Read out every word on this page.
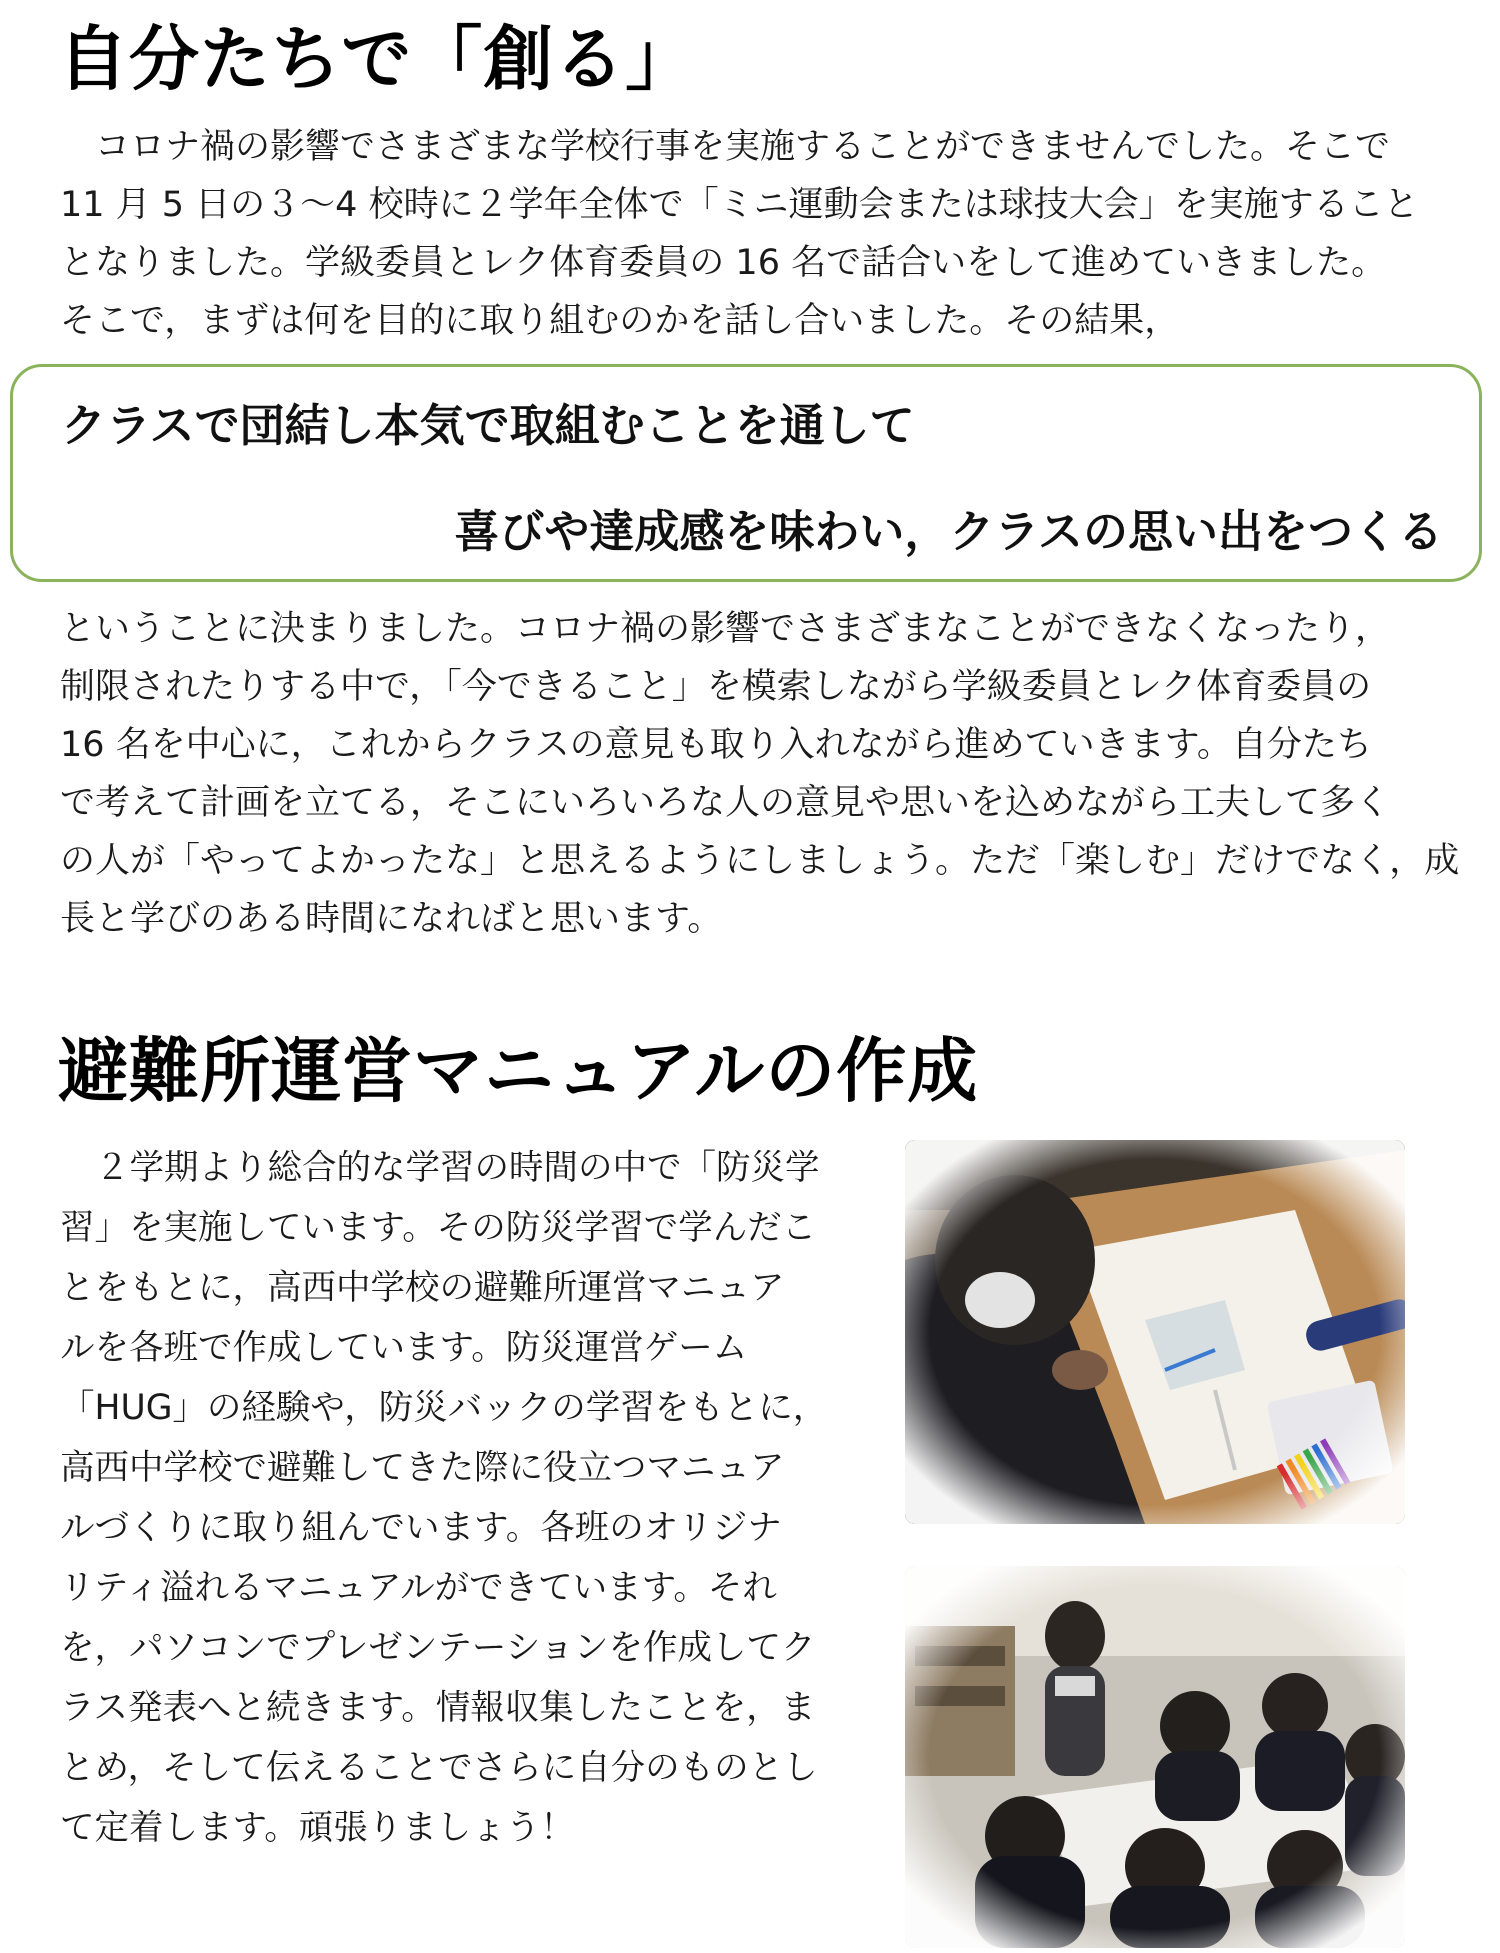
自分たちで「創る」
コロナ禍の影響でさまざまな学校行事を実施することができませんでした。そこで
11 月 5 日の３～4 校時に２学年全体で「ミニ運動会または球技大会」を実施すること
となりました。学級委員とレク体育委員の 16 名で話合いをして進めていきました。
そこで，まずは何を目的に取り組むのかを話し合いました。その結果，
クラスで団結し本気で取組むことを通して
喜びや達成感を味わい，クラスの思い出をつくる
ということに決まりました。コロナ禍の影響でさまざまなことができなくなったり，
制限されたりする中で，「今できること」を模索しながら学級委員とレク体育委員の
16 名を中心に，これからクラスの意見も取り入れながら進めていきます。自分たち
で考えて計画を立てる，そこにいろいろな人の意見や思いを込めながら工夫して多く
の人が「やってよかったな」と思えるようにしましょう。ただ「楽しむ」だけでなく，成
長と学びのある時間になればと思います。
避難所運営マニュアルの作成
２学期より総合的な学習の時間の中で「防災学
習」を実施しています。その防災学習で学んだこ
とをもとに，高西中学校の避難所運営マニュア
ルを各班で作成しています。防災運営ゲーム
「HUG」の経験や，防災バックの学習をもとに，
高西中学校で避難してきた際に役立つマニュア
ルづくりに取り組んでいます。各班のオリジナ
リティ溢れるマニュアルができています。それ
を，パソコンでプレゼンテーションを作成してク
ラス発表へと続きます。情報収集したことを，ま
とめ，そして伝えることでさらに自分のものとし
て定着します。頑張りましょう！
